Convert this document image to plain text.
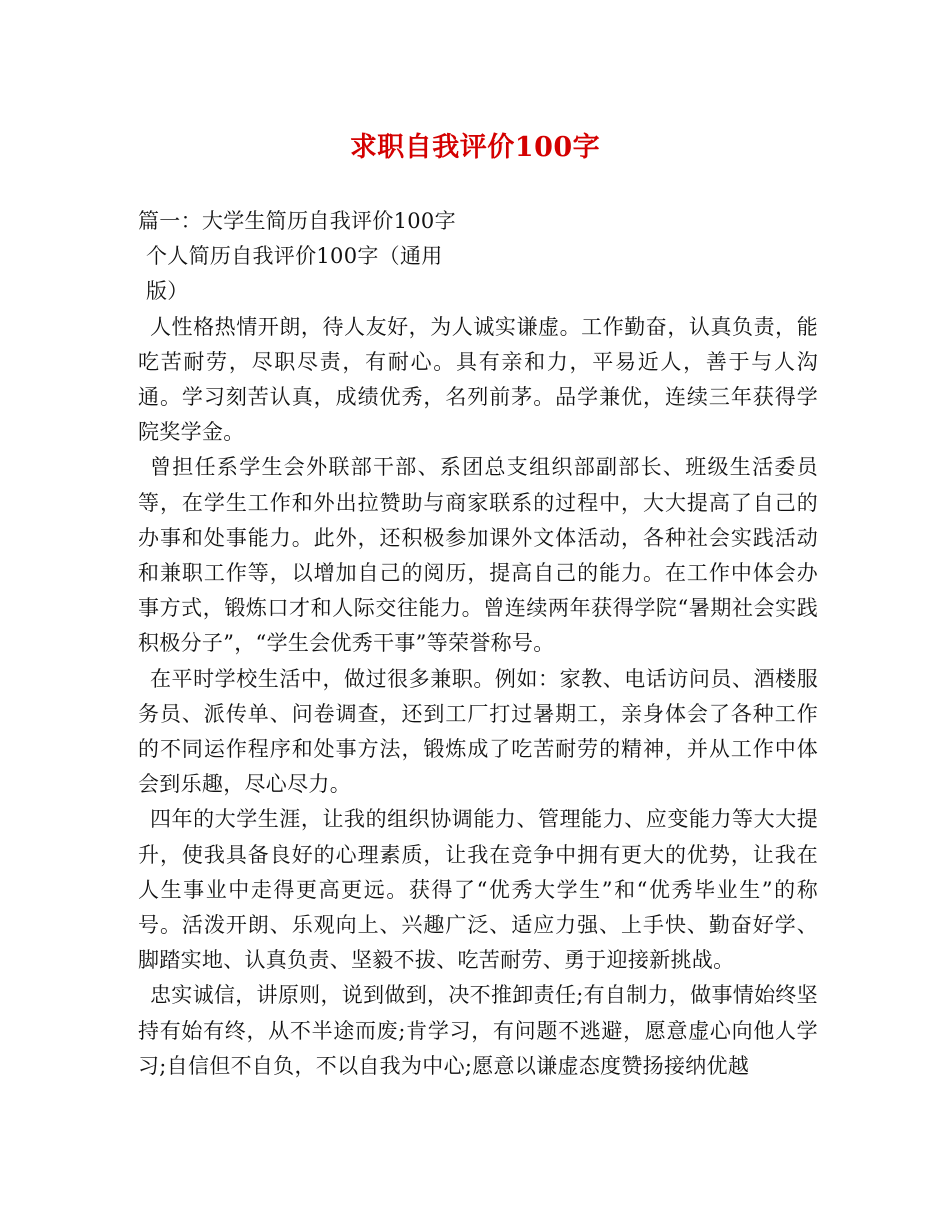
求职自我评价100字

篇一：大学生简历自我评价100字

个人简历自我评价100字（通用版）

人性格热情开朗，待人友好，为人诚实谦虚。工作勤奋，认真负责，能吃苦耐劳，尽职尽责，有耐心。具有亲和力，平易近人，善于与人沟通。学习刻苦认真，成绩优秀，名列前茅。品学兼优，连续三年获得学院奖学金。

曾担任系学生会外联部干部、系团总支组织部副部长、班级生活委员等，在学生工作和外出拉赞助与商家联系的过程中，大大提高了自己的办事和处事能力。此外，还积极参加课外文体活动，各种社会实践活动和兼职工作等，以增加自己的阅历，提高自己的能力。在工作中体会办事方式，锻炼口才和人际交往能力。曾连续两年获得学院“暑期社会实践积极分子”，“学生会优秀干事”等荣誉称号。

在平时学校生活中，做过很多兼职。例如：家教、电话访问员、酒楼服务员、派传单、问卷调查，还到工厂打过暑期工，亲身体会了各种工作的不同运作程序和处事方法，锻炼成了吃苦耐劳的精神，并从工作中体会到乐趣，尽心尽力。

四年的大学生涯，让我的组织协调能力、管理能力、应变能力等大大提升，使我具备良好的心理素质，让我在竞争中拥有更大的优势，让我在人生事业中走得更高更远。获得了“优秀大学生”和“优秀毕业生”的称号。活泼开朗、乐观向上、兴趣广泛、适应力强、上手快、勤奋好学、脚踏实地、认真负责、坚毅不拔、吃苦耐劳、勇于迎接新挑战。

忠实诚信，讲原则，说到做到，决不推卸责任;有自制力，做事情始终坚持有始有终，从不半途而废;肯学习，有问题不逃避，愿意虚心向他人学习;自信但不自负，不以自我为中心;愿意以谦虚态度赞扬接纳优越
